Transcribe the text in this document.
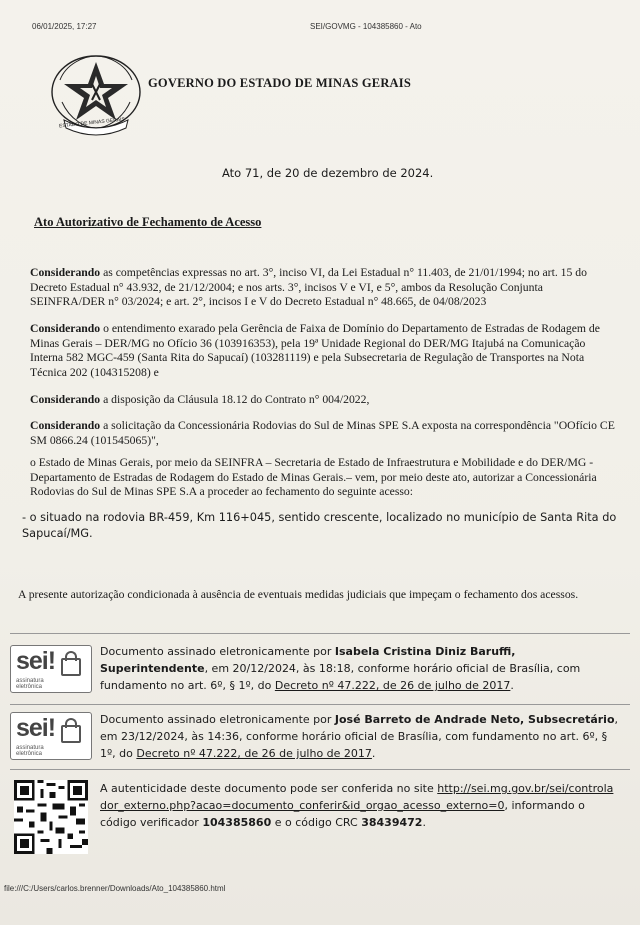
06/01/2025, 17:27	SEI/GOVMG - 104385860 - Ato
ESTADO DE MINAS GERAIS
GOVERNO DO ESTADO DE MINAS GERAIS
Ato 71, de 20 de dezembro de 2024.
Ato Autorizativo de Fechamento de Acesso
Considerando as competências expressas no art. 3°, inciso VI, da Lei Estadual n° 11.403, de 21/01/1994; no art. 15 do Decreto Estadual n° 43.932, de 21/12/2004; e nos arts. 3°, incisos V e VI, e 5°, ambos da Resolução Conjunta SEINFRA/DER n° 03/2024; e art. 2°, incisos I e V do Decreto Estadual n° 48.665, de 04/08/2023
Considerando o entendimento exarado pela Gerência de Faixa de Domínio do Departamento de Estradas de Rodagem de Minas Gerais – DER/MG no Ofício 36 (103916353), pela 19ª Unidade Regional do DER/MG Itajubá na Comunicação Interna 582 MGC-459 (Santa Rita do Sapucaí) (103281119) e pela Subsecretaria de Regulação de Transportes na Nota Técnica 202 (104315208) e
Considerando a disposição da Cláusula 18.12 do Contrato n° 004/2022,
Considerando a solicitação da Concessionária Rodovias do Sul de Minas SPE S.A exposta na correspondência "OOfício CE SM 0866.24 (101545065)",
o Estado de Minas Gerais, por meio da SEINFRA – Secretaria de Estado de Infraestrutura e Mobilidade e do DER/MG - Departamento de Estradas de Rodagem do Estado de Minas Gerais.– vem, por meio deste ato, autorizar a Concessionária Rodovias do Sul de Minas SPE S.A a proceder ao fechamento do seguinte acesso:
- o situado na rodovia BR-459, Km 116+045, sentido crescente, localizado no município de Santa Rita do Sapucaí/MG.
A presente autorização condicionada à ausência de eventuais medidas judiciais que impeçam o fechamento dos acessos.
sei!
assinatura
eletrônica
Documento assinado eletronicamente por Isabela Cristina Diniz Baruffi, Superintendente, em 20/12/2024, às 18:18, conforme horário oficial de Brasília, com fundamento no art. 6º, § 1º, do Decreto nº 47.222, de 26 de julho de 2017.
sei!
assinatura
eletrônica
Documento assinado eletronicamente por José Barreto de Andrade Neto, Subsecretário, em 23/12/2024, às 14:36, conforme horário oficial de Brasília, com fundamento no art. 6º, § 1º, do Decreto nº 47.222, de 26 de julho de 2017.
A autenticidade deste documento pode ser conferida no site http://sei.mg.gov.br/sei/controlador_externo.php?acao=documento_conferir&id_orgao_acesso_externo=0, informando o código verificador 104385860 e o código CRC 38439472.
file:///C:/Users/carlos.brenner/Downloads/Ato_104385860.html
